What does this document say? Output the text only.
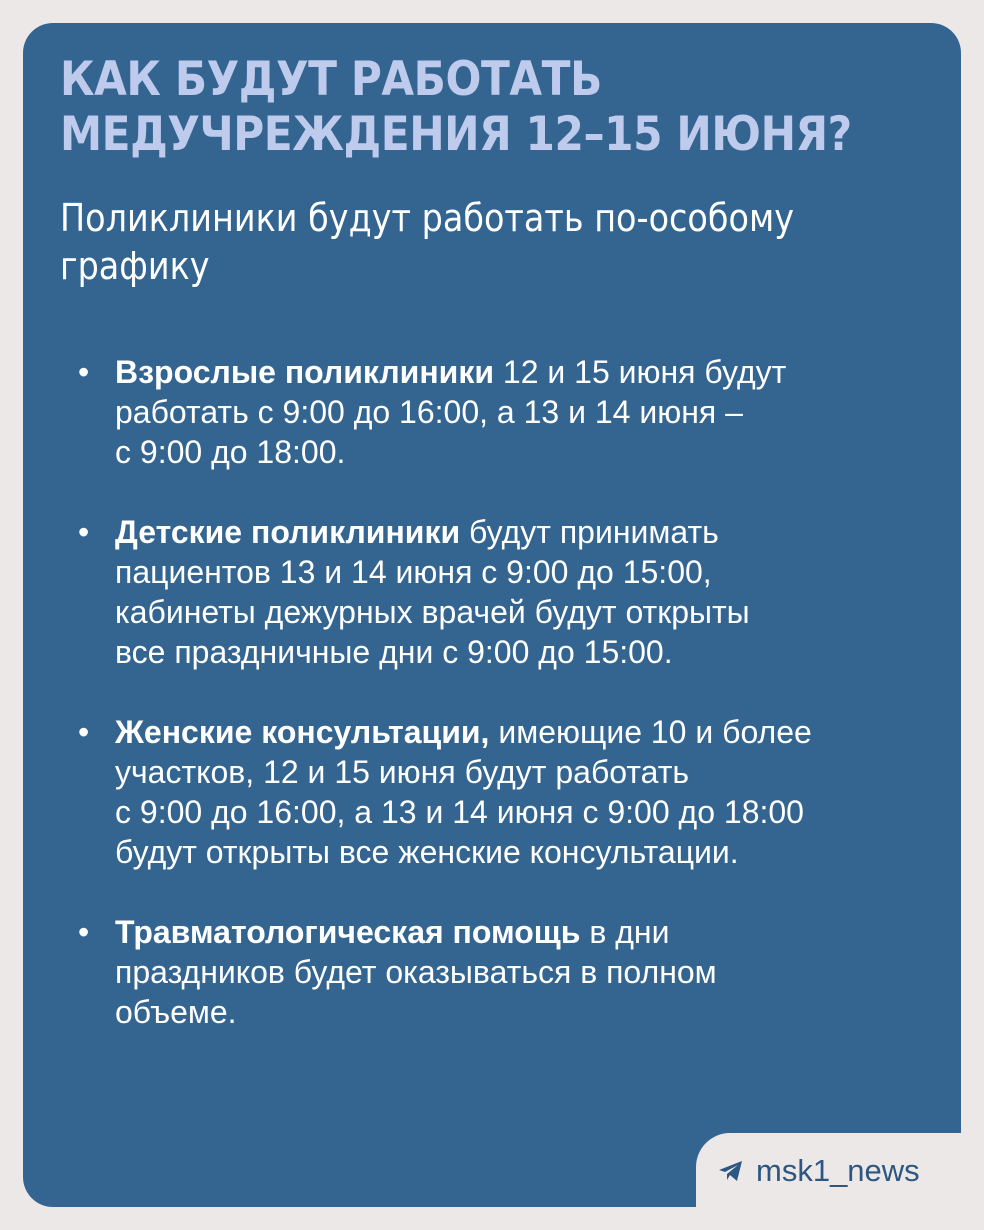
КАК БУДУТ РАБОТАТЬ
МЕДУЧРЕЖДЕНИЯ 12–15 ИЮНЯ?
Поликлиники будут работать по-особому
графику
• Взрослые поликлиники 12 и 15 июня будут
работать с 9:00 до 16:00, а 13 и 14 июня –
с 9:00 до 18:00.
• Детские поликлиники будут принимать
пациентов 13 и 14 июня с 9:00 до 15:00,
кабинеты дежурных врачей будут открыты
все праздничные дни с 9:00 до 15:00.
• Женские консультации, имеющие 10 и более
участков, 12 и 15 июня будут работать
с 9:00 до 16:00, а 13 и 14 июня с 9:00 до 18:00
будут открыты все женские консультации.
• Травматологическая помощь в дни
праздников будет оказываться в полном
объеме.
msk1_news
